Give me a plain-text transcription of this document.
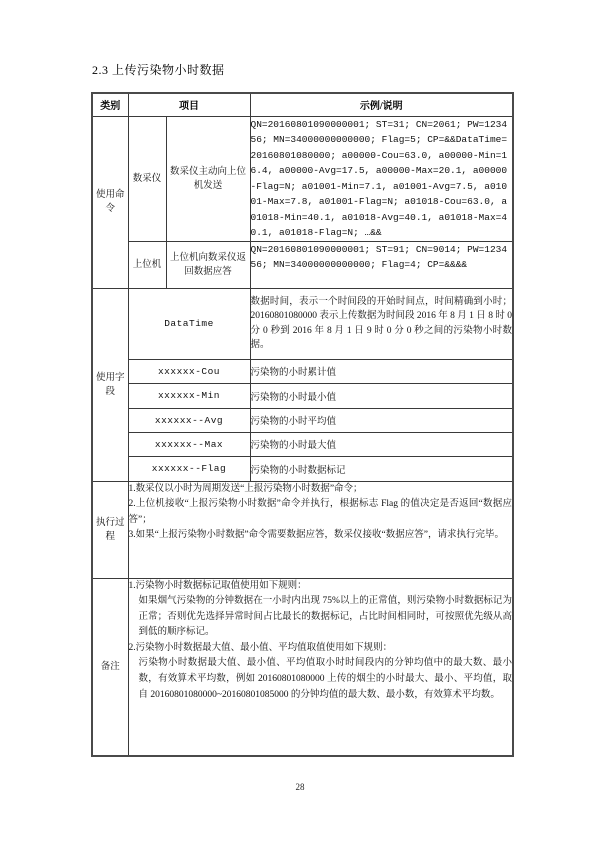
2.3 上传污染物小时数据
类别	项目		示例/说明
使用命令	数采仪	数采仪主动向上位机发送	QN=20160801090000001; ST=31; CN=2061; PW=123456; MN=34000000000000; Flag=5; CP=&&DataTime=20160801080000; a00000-Cou=63.0, a00000-Min=16.4, a00000-Avg=17.5, a00000-Max=20.1, a00000-Flag=N; a01001-Min=7.1, a01001-Avg=7.5, a01001-Max=7.8, a01001-Flag=N; a01018-Cou=63.0, a01018-Min=40.1, a01018-Avg=40.1, a01018-Max=40.1, a01018-Flag=N; …&&
	上位机	上位机向数采仪返回数据应答	QN=20160801090000001; ST=91; CN=9014; PW=123456; MN=34000000000000; Flag=4; CP=&&&&
使用字段	DataTime		数据时间，表示一个时间段的开始时间点，时间精确到小时；20160801080000 表示上传数据为时间段 2016 年 8 月 1 日 8 时 0 分 0 秒到 2016 年 8 月 1 日 9 时 0 分 0 秒之间的污染物小时数据。
	xxxxxx-Cou		污染物的小时累计值
	xxxxxx-Min		污染物的小时最小值
	xxxxxx--Avg		污染物的小时平均值
	xxxxxx--Max		污染物的小时最大值
	xxxxxx--Flag		污染物的小时数据标记
执行过程	1.数采仪以小时为周期发送“上报污染物小时数据”命令；
2.上位机接收“上报污染物小时数据”命令并执行，根据标志 Flag 的值决定是否返回“数据应答”；
3.如果“上报污染物小时数据”命令需要数据应答，数采仪接收“数据应答”，请求执行完毕。		

备注	1.污染物小时数据标记取值使用如下规则：
如果烟气污染物的分钟数据在一小时内出现 75%以上的正常值，则污染物小时数据标记为正常；否则优先选择异常时间占比最长的数据标记，占比时间相同时，可按照优先级从高到低的顺序标记。
2.污染物小时数据最大值、最小值、平均值取值使用如下规则：
污染物小时数据最大值、最小值、平均值取小时时间段内的分钟均值中的最大数、最小数，有效算术平均数，例如 20160801080000 上传的烟尘的小时最大、最小、平均值，取自 20160801080000~20160801085000 的分钟均值的最大数、最小数，有效算术平均数。		
28
